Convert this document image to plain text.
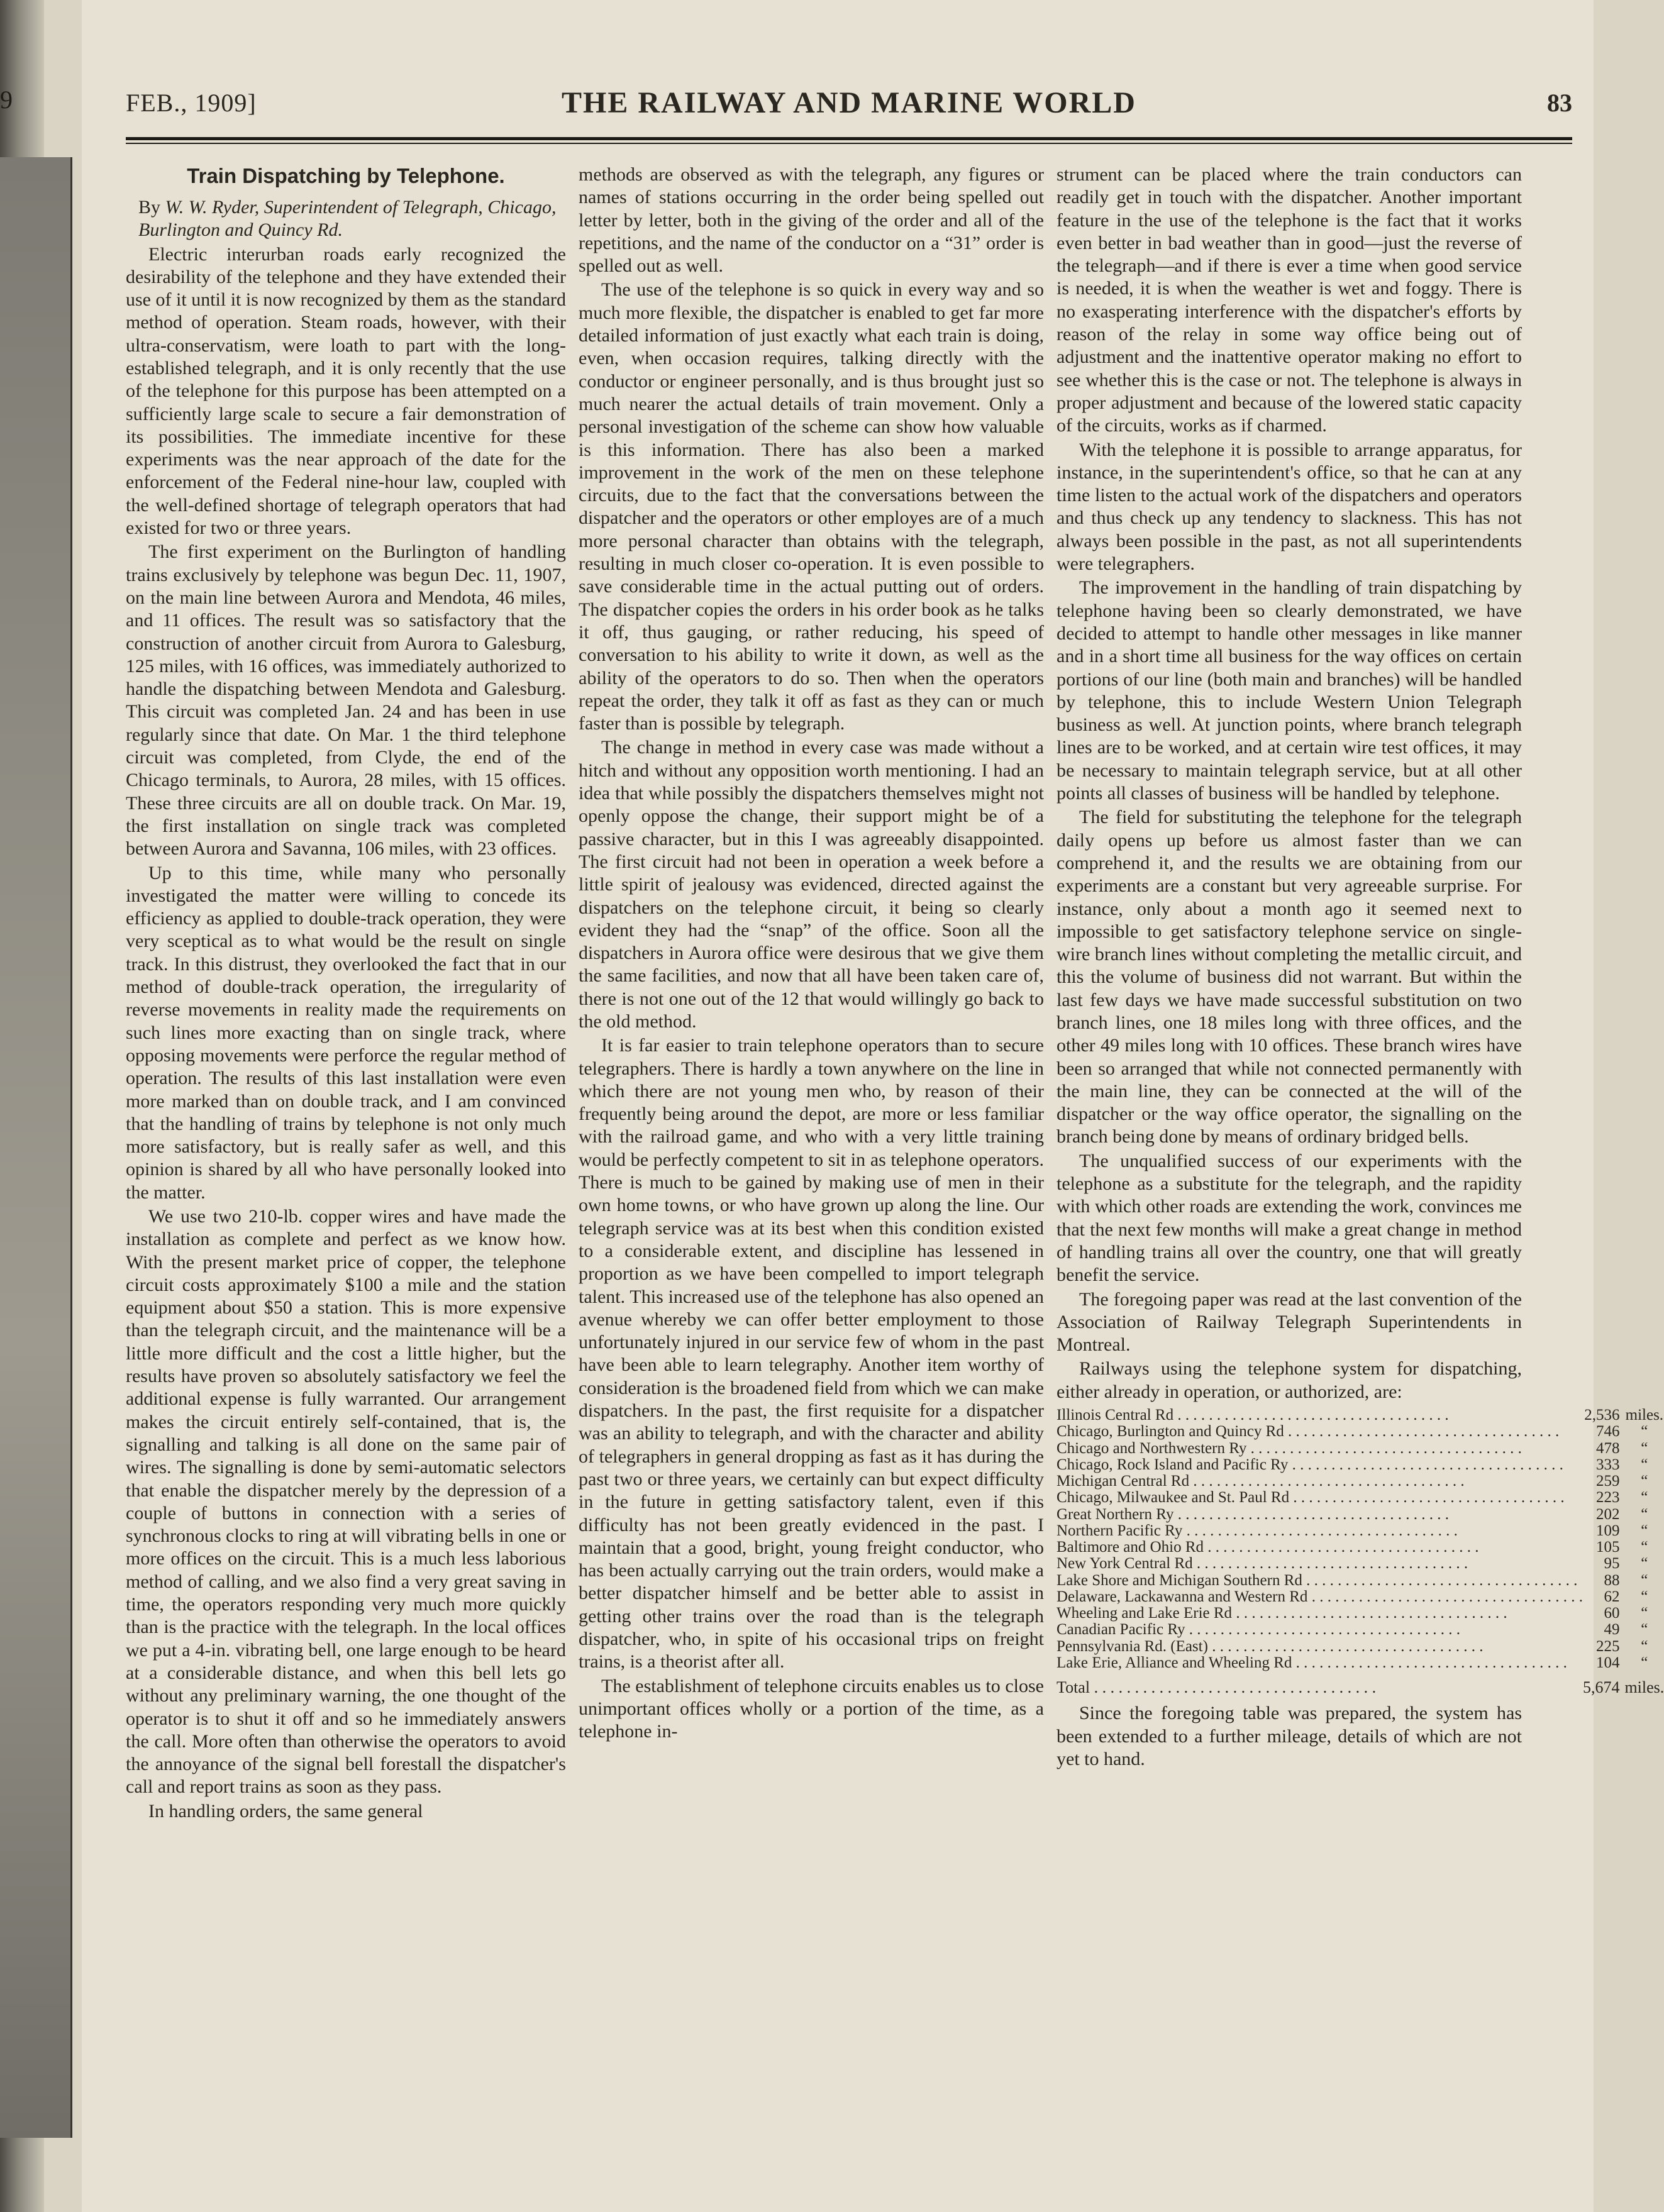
9	THE RAILWAY AND MARINE WORLD
FEB., 1909]	83
Train Dispatching by Telephone.

By W. W. Ryder, Superintendent of Telegraph, Chicago, Burlington and Quincy Rd.

Electric interurban roads early recognized the desirability of the telephone and they have extended their use of it until it is now recognized by them as the standard method of operation. Steam roads, however, with their ultra-conservatism, were loath to part with the long-established telegraph, and it is only recently that the use of the telephone for this purpose has been attempted on a sufficiently large scale to secure a fair demonstration of its possibilities. The immediate incentive for these experiments was the near approach of the date for the enforcement of the Federal nine-hour law, coupled with the well-defined shortage of telegraph operators that had existed for two or three years.

The first experiment on the Burlington of handling trains exclusively by telephone was begun Dec. 11, 1907, on the main line between Aurora and Mendota, 46 miles, and 11 offices. The result was so satisfactory that the construction of another circuit from Aurora to Galesburg, 125 miles, with 16 offices, was immediately authorized to handle the dispatching between Mendota and Galesburg. This circuit was completed Jan. 24 and has been in use regularly since that date. On Mar. 1 the third telephone circuit was completed, from Clyde, the end of the Chicago terminals, to Aurora, 28 miles, with 15 offices. These three circuits are all on double track. On Mar. 19, the first installation on single track was completed between Aurora and Savanna, 106 miles, with 23 offices.

Up to this time, while many who personally investigated the matter were willing to concede its efficiency as applied to double-track operation, they were very sceptical as to what would be the result on single track. In this distrust, they overlooked the fact that in our method of double-track operation, the irregularity of reverse movements in reality made the requirements on such lines more exacting than on single track, where opposing movements were perforce the regular method of operation. The results of this last installation were even more marked than on double track, and I am convinced that the handling of trains by telephone is not only much more satisfactory, but is really safer as well, and this opinion is shared by all who have personally looked into the matter.

We use two 210-lb. copper wires and have made the installation as complete and perfect as we know how. With the present market price of copper, the telephone circuit costs approximately $100 a mile and the station equipment about $50 a station. This is more expensive than the telegraph circuit, and the maintenance will be a little more difficult and the cost a little higher, but the results have proven so absolutely satisfactory we feel the additional expense is fully warranted. Our arrangement makes the circuit entirely self-contained, that is, the signalling and talking is all done on the same pair of wires. The signalling is done by semi-automatic selectors that enable the dispatcher merely by the depression of a couple of buttons in connection with a series of synchronous clocks to ring at will vibrating bells in one or more offices on the circuit. This is a much less laborious method of calling, and we also find a very great saving in time, the operators responding very much more quickly than is the practice with the telegraph. In the local offices we put a 4-in. vibrating bell, one large enough to be heard at a considerable distance, and when this bell lets go without any preliminary warning, the one thought of the operator is to shut it off and so he immediately answers the call. More often than otherwise the operators to avoid the annoyance of the signal bell forestall the dispatcher's call and report trains as soon as they pass.

In handling orders, the same general

methods are observed as with the telegraph, any figures or names of stations occurring in the order being spelled out letter by letter, both in the giving of the order and all of the repetitions, and the name of the conductor on a “31” order is spelled out as well.

The use of the telephone is so quick in every way and so much more flexible, the dispatcher is enabled to get far more detailed information of just exactly what each train is doing, even, when occasion requires, talking directly with the conductor or engineer personally, and is thus brought just so much nearer the actual details of train movement. Only a personal investigation of the scheme can show how valuable is this information. There has also been a marked improvement in the work of the men on these telephone circuits, due to the fact that the conversations between the dispatcher and the operators or other employes are of a much more personal character than obtains with the telegraph, resulting in much closer co-operation. It is even possible to save considerable time in the actual putting out of orders. The dispatcher copies the orders in his order book as he talks it off, thus gauging, or rather reducing, his speed of conversation to his ability to write it down, as well as the ability of the operators to do so. Then when the operators repeat the order, they talk it off as fast as they can or much faster than is possible by telegraph.

The change in method in every case was made without a hitch and without any opposition worth mentioning. I had an idea that while possibly the dispatchers themselves might not openly oppose the change, their support might be of a passive character, but in this I was agreeably disappointed. The first circuit had not been in operation a week before a little spirit of jealousy was evidenced, directed against the dispatchers on the telephone circuit, it being so clearly evident they had the “snap” of the office. Soon all the dispatchers in Aurora office were desirous that we give them the same facilities, and now that all have been taken care of, there is not one out of the 12 that would willingly go back to the old method.

It is far easier to train telephone operators than to secure telegraphers. There is hardly a town anywhere on the line in which there are not young men who, by reason of their frequently being around the depot, are more or less familiar with the railroad game, and who with a very little training would be perfectly competent to sit in as telephone operators. There is much to be gained by making use of men in their own home towns, or who have grown up along the line. Our telegraph service was at its best when this condition existed to a considerable extent, and discipline has lessened in proportion as we have been compelled to import telegraph talent. This increased use of the telephone has also opened an avenue whereby we can offer better employment to those unfortunately injured in our service few of whom in the past have been able to learn telegraphy. Another item worthy of consideration is the broadened field from which we can make dispatchers. In the past, the first requisite for a dispatcher was an ability to telegraph, and with the character and ability of telegraphers in general dropping as fast as it has during the past two or three years, we certainly can but expect difficulty in the future in getting satisfactory talent, even if this difficulty has not been greatly evidenced in the past. I maintain that a good, bright, young freight conductor, who has been actually carrying out the train orders, would make a better dispatcher himself and be better able to assist in getting other trains over the road than is the telegraph dispatcher, who, in spite of his occasional trips on freight trains, is a theorist after all.

The establishment of telephone circuits enables us to close unimportant offices wholly or a portion of the time, as a telephone in-

strument can be placed where the train conductors can readily get in touch with the dispatcher. Another important feature in the use of the telephone is the fact that it works even better in bad weather than in good—just the reverse of the telegraph—and if there is ever a time when good service is needed, it is when the weather is wet and foggy. There is no exasperating interference with the dispatcher's efforts by reason of the relay in some way office being out of adjustment and the inattentive operator making no effort to see whether this is the case or not. The telephone is always in proper adjustment and because of the lowered static capacity of the circuits, works as if charmed.

With the telephone it is possible to arrange apparatus, for instance, in the superintendent's office, so that he can at any time listen to the actual work of the dispatchers and operators and thus check up any tendency to slackness. This has not always been possible in the past, as not all superintendents were telegraphers.

The improvement in the handling of train dispatching by telephone having been so clearly demonstrated, we have decided to attempt to handle other messages in like manner and in a short time all business for the way offices on certain portions of our line (both main and branches) will be handled by telephone, this to include Western Union Telegraph business as well. At junction points, where branch telegraph lines are to be worked, and at certain wire test offices, it may be necessary to maintain telegraph service, but at all other points all classes of business will be handled by telephone.

The field for substituting the telephone for the telegraph daily opens up before us almost faster than we can comprehend it, and the results we are obtaining from our experiments are a constant but very agreeable surprise. For instance, only about a month ago it seemed next to impossible to get satisfactory telephone service on single-wire branch lines without completing the metallic circuit, and this the volume of business did not warrant. But within the last few days we have made successful substitution on two branch lines, one 18 miles long with three offices, and the other 49 miles long with 10 offices. These branch wires have been so arranged that while not connected permanently with the main line, they can be connected at the will of the dispatcher or the way office operator, the signalling on the branch being done by means of ordinary bridged bells.

The unqualified success of our experiments with the telephone as a substitute for the telegraph, and the rapidity with which other roads are extending the work, convinces me that the next few months will make a great change in method of handling trains all over the country, one that will greatly benefit the service.

The foregoing paper was read at the last convention of the Association of Railway Telegraph Superintendents in Montreal.

Railways using the telephone system for dispatching, either already in operation, or authorized, are:

Illinois Central Rd . . .	2,536	miles.

Chicago, Burlington and Quincy Rd . . .	746	“

Chicago and Northwestern Ry . . .	478	“

Chicago, Rock Island and Pacific Ry . . .	333	“

Michigan Central Rd . . .	259	“

Chicago, Milwaukee and St. Paul Rd . . .	223	“

Great Northern Ry . . .	202	“

Northern Pacific Ry . . .	109	“

Baltimore and Ohio Rd . . .	105	“

New York Central Rd . . .	95	“

Lake Shore and Michigan Southern Rd . . .	88	“

Delaware, Lackawanna and Western Rd . . .	62	“

Wheeling and Lake Erie Rd . . .	60	“

Canadian Pacific Ry . . .	49	“

Pennsylvania Rd. (East) . . .	225	“

Lake Erie, Alliance and Wheeling Rd . . .	104	“

Total . . .	5,674	miles.

Since the foregoing table was prepared, the system has been extended to a further mileage, details of which are not yet to hand.
